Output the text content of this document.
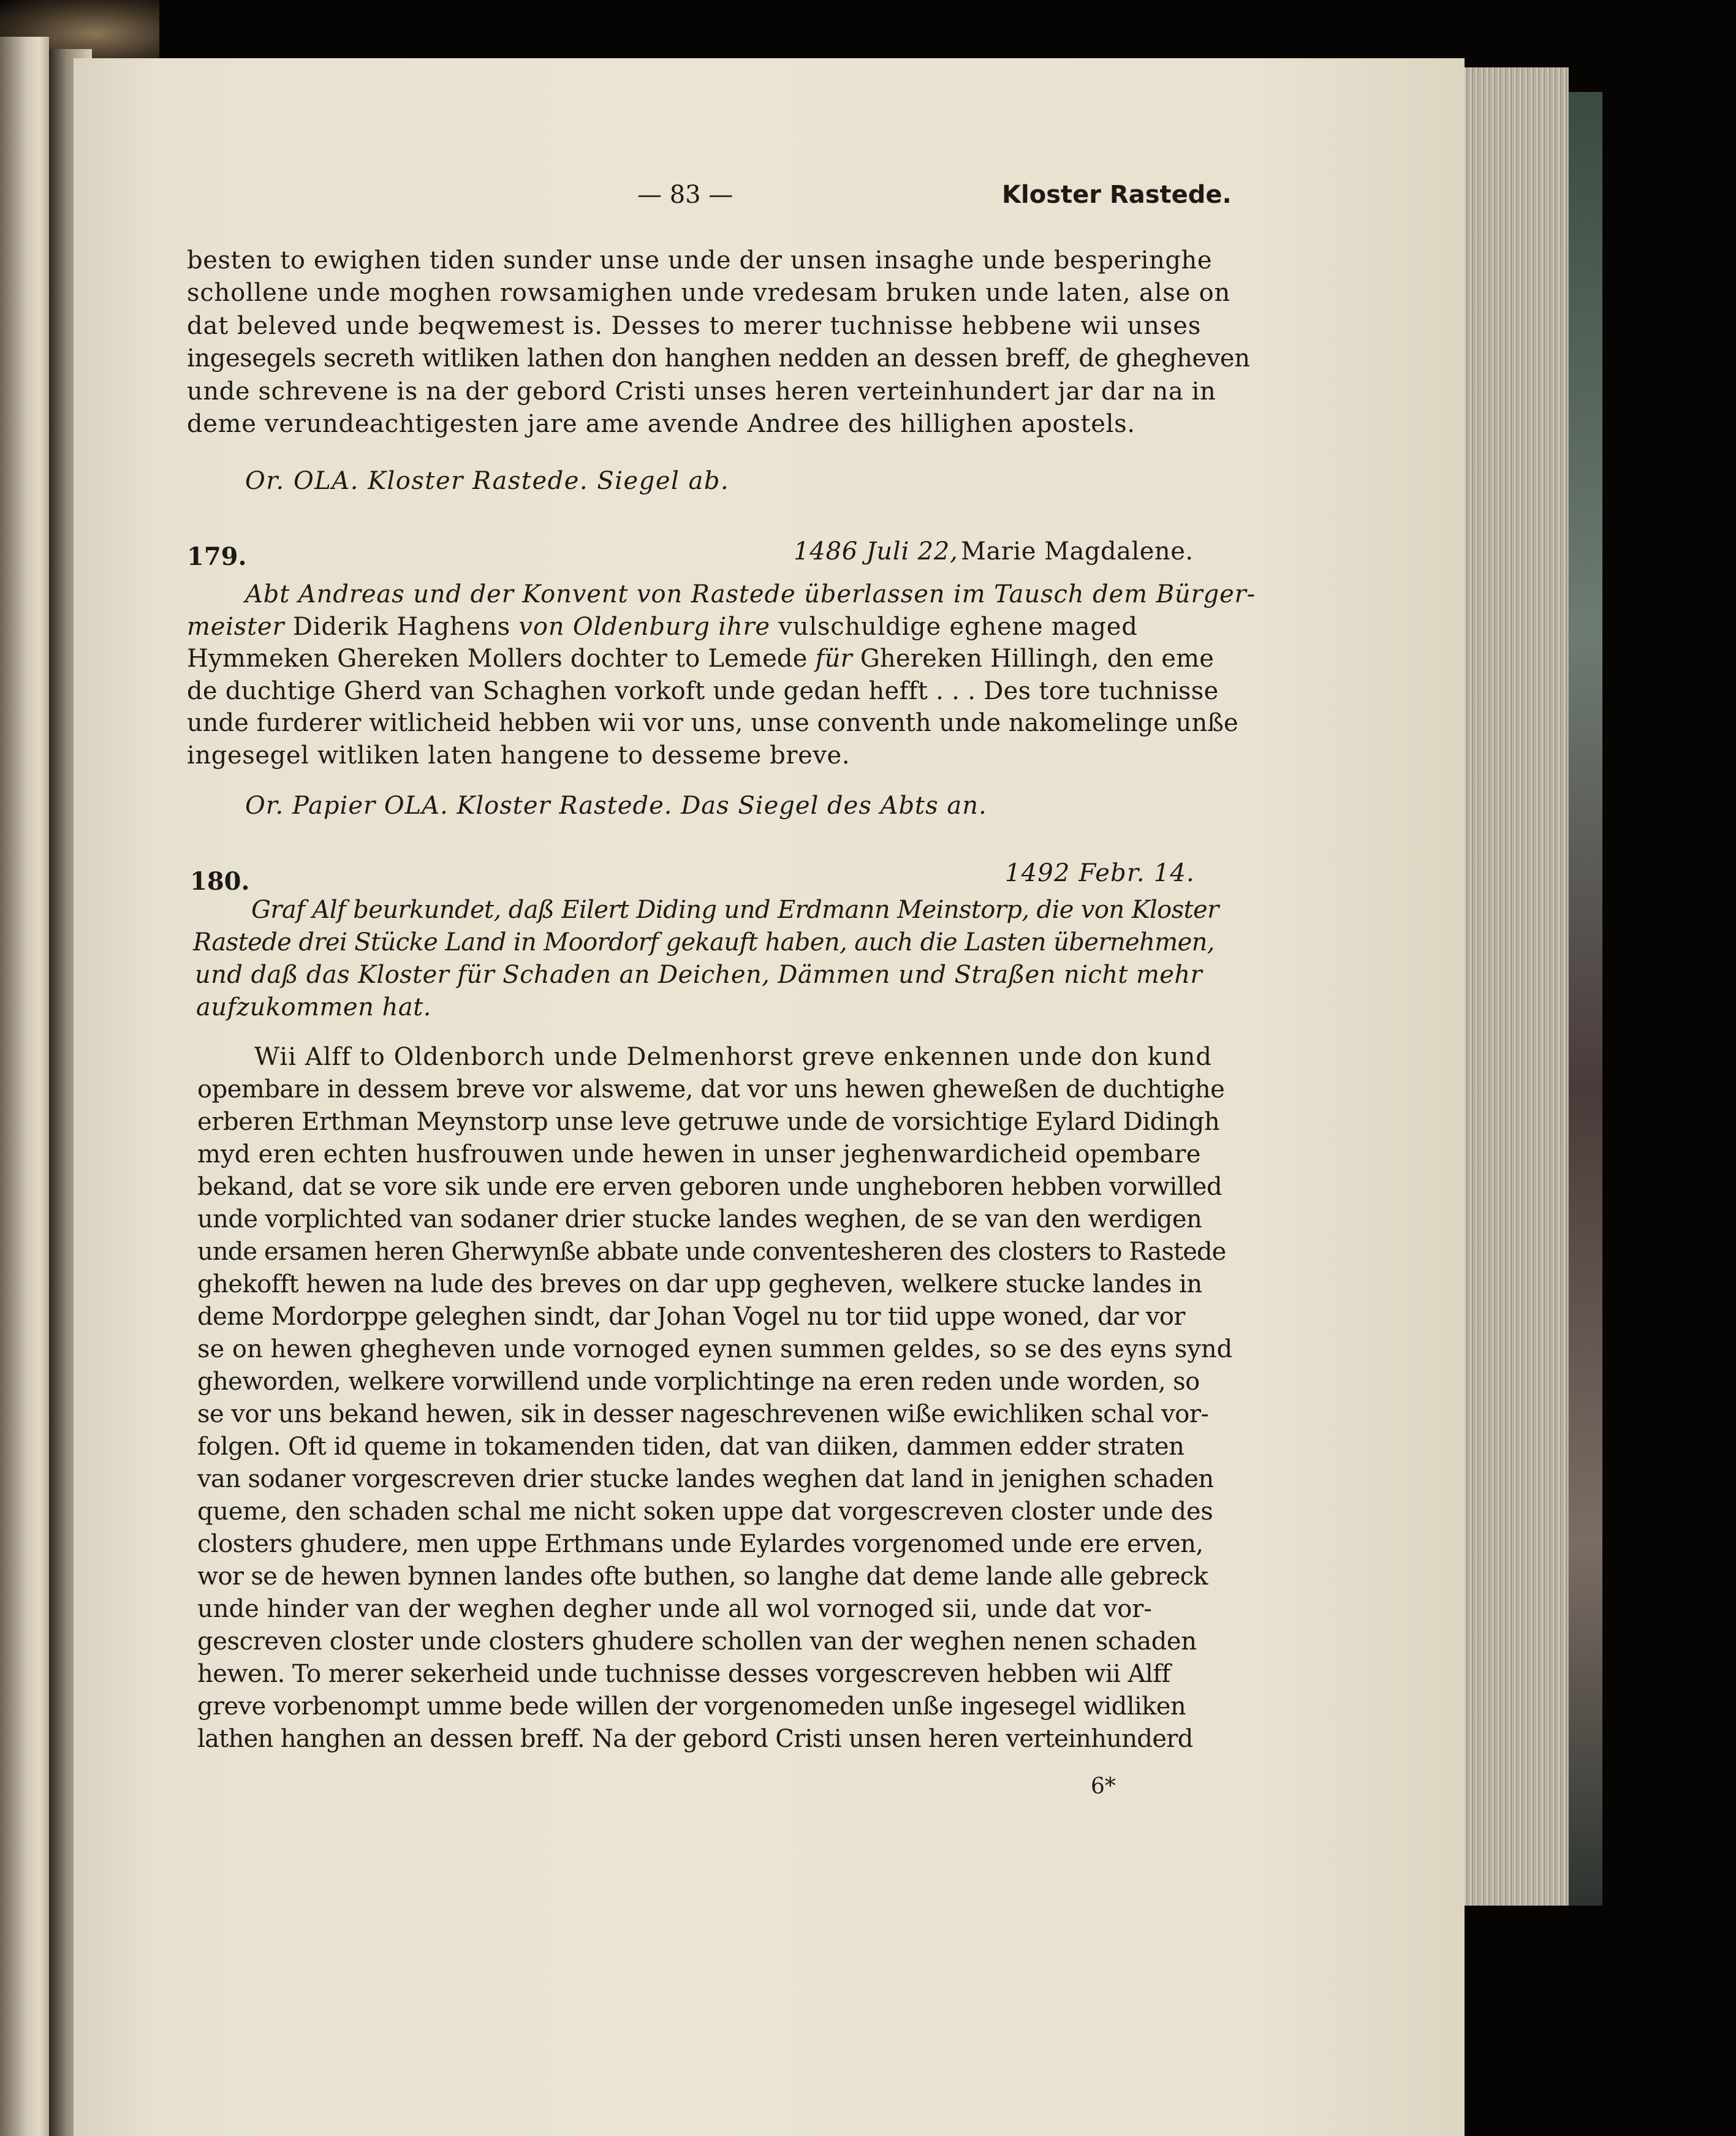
— 83 —	Kloster Rastede.
besten to ewighen tiden sunder unse unde der unsen insaghe unde besperinghe
schollene unde moghen rowsamighen unde vredesam bruken unde laten, alse on
dat beleved unde beqwemest is. Desses to merer tuchnisse hebbene wii unses
ingesegels secreth witliken lathen don hanghen nedden an dessen breff, de ghegheven
unde schrevene is na der gebord Cristi unses heren verteinhundert jar dar na in
deme verundeachtigesten jare ame avende Andree des hillighen apostels.
Or. OLA. Kloster Rastede. Siegel ab.
179.	1486 Juli 22, Marie Magdalene.
Abt Andreas und der Konvent von Rastede überlassen im Tausch dem Bürger-
meister Diderik Haghens von Oldenburg ihre vulschuldige eghene maged
Hymmeken Ghereken Mollers dochter to Lemede für Ghereken Hillingh, den eme
de duchtige Gherd van Schaghen vorkoft unde gedan hefft . . . Des tore tuchnisse
unde furderer witlicheid hebben wii vor uns, unse conventh unde nakomelinge unße
ingesegel witliken laten hangene to desseme breve.
Or. Papier OLA. Kloster Rastede. Das Siegel des Abts an.
180.	1492 Febr. 14.
Graf Alf beurkundet, daß Eilert Diding und Erdmann Meinstorp, die von Kloster
Rastede drei Stücke Land in Moordorf gekauft haben, auch die Lasten übernehmen,
und daß das Kloster für Schaden an Deichen, Dämmen und Straßen nicht mehr
aufzukommen hat.
Wii Alff to Oldenborch unde Delmenhorst greve enkennen unde don kund
opembare in dessem breve vor alsweme, dat vor uns hewen gheweßen de duchtighe
erberen Erthman Meynstorp unse leve getruwe unde de vorsichtige Eylard Didingh
myd eren echten husfrouwen unde hewen in unser jeghenwardicheid opembare
bekand, dat se vore sik unde ere erven geboren unde ungheboren hebben vorwilled
unde vorplichted van sodaner drier stucke landes weghen, de se van den werdigen
unde ersamen heren Gherwynße abbate unde conventesheren des closters to Rastede
ghekofft hewen na lude des breves on dar upp gegheven, welkere stucke landes in
deme Mordorppe geleghen sindt, dar Johan Vogel nu tor tiid uppe woned, dar vor
se on hewen ghegheven unde vornoged eynen summen geldes, so se des eyns synd
gheworden, welkere vorwillend unde vorplichtinge na eren reden unde worden, so
se vor uns bekand hewen, sik in desser nageschrevenen wiße ewichliken schal vor-
folgen. Oft id queme in tokamenden tiden, dat van diiken, dammen edder straten
van sodaner vorgescreven drier stucke landes weghen dat land in jenighen schaden
queme, den schaden schal me nicht soken uppe dat vorgescreven closter unde des
closters ghudere, men uppe Erthmans unde Eylardes vorgenomed unde ere erven,
wor se de hewen bynnen landes ofte buthen, so langhe dat deme lande alle gebreck
unde hinder van der weghen degher unde all wol vornoged sii, unde dat vor-
gescreven closter unde closters ghudere schollen van der weghen nenen schaden
hewen. To merer sekerheid unde tuchnisse desses vorgescreven hebben wii Alff
greve vorbenompt umme bede willen der vorgenomeden unße ingesegel widliken
lathen hanghen an dessen breff. Na der gebord Cristi unsen heren verteinhunderd
6*
